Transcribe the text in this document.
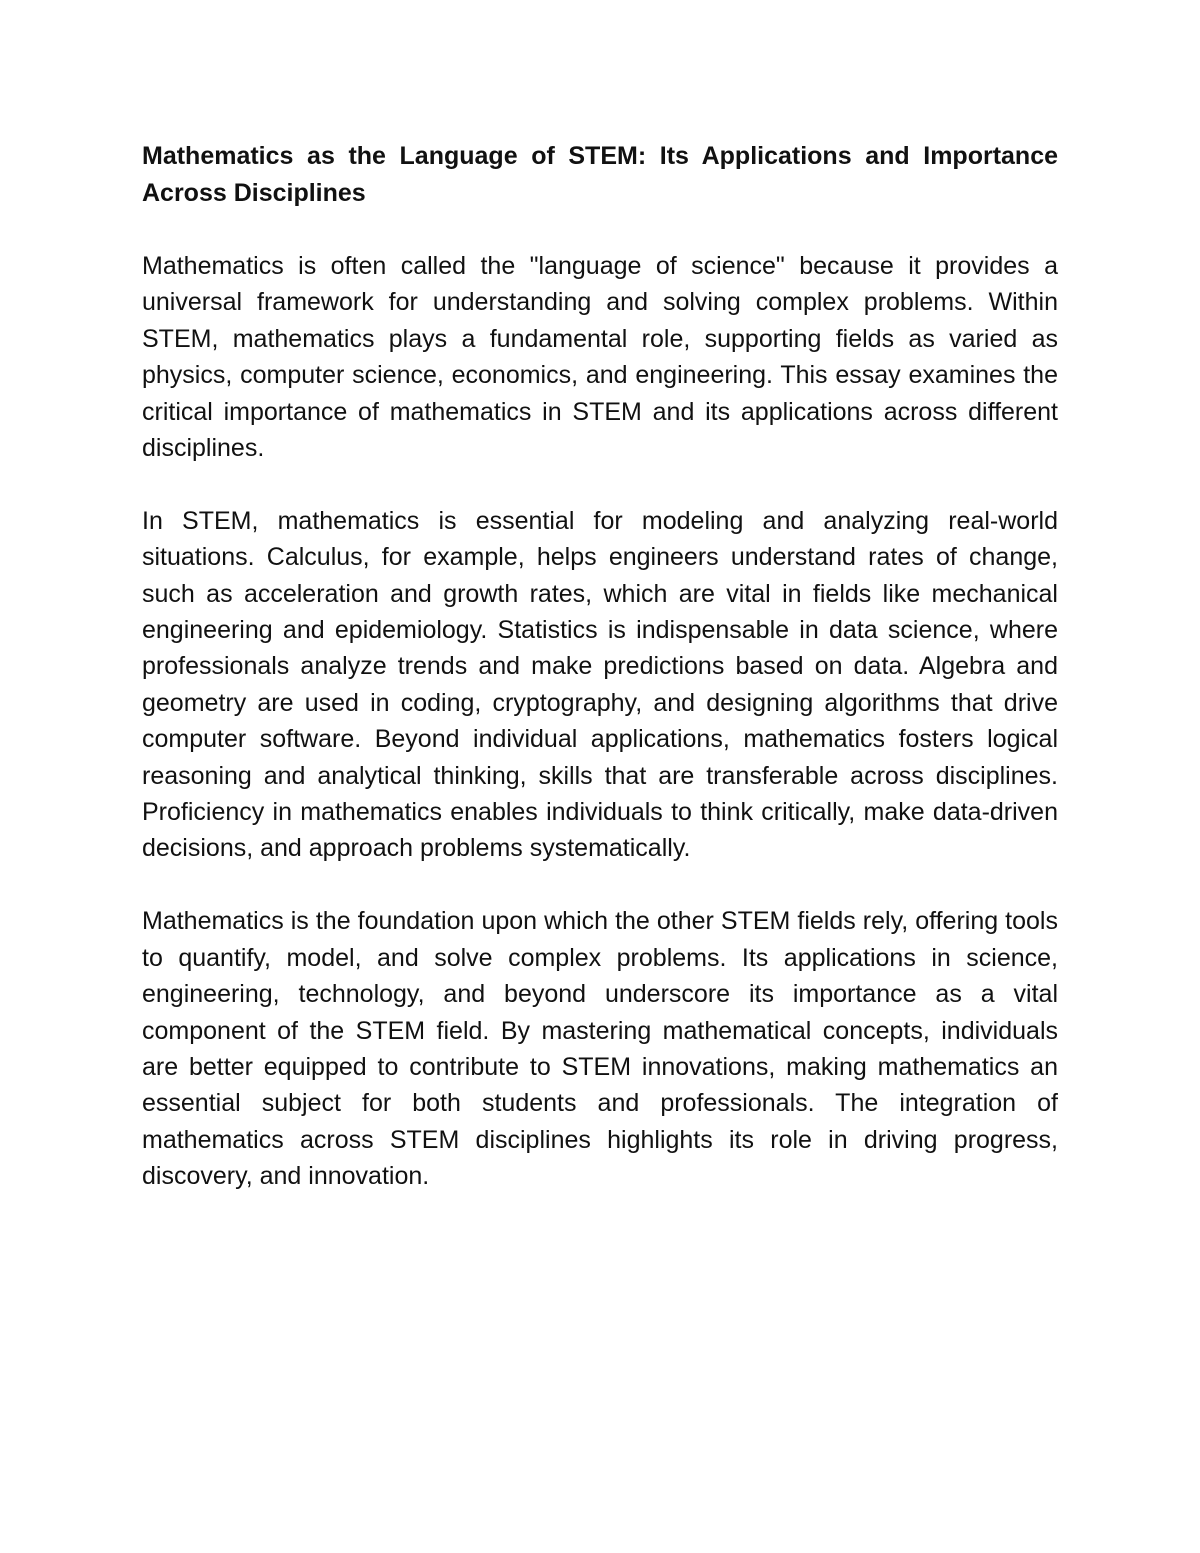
Mathematics as the Language of STEM: Its Applications and Importance Across Disciplines

Mathematics is often called the "language of science" because it provides a universal framework for understanding and solving complex problems. Within STEM, mathematics plays a fundamental role, supporting fields as varied as physics, computer science, economics, and engineering. This essay examines the critical importance of mathematics in STEM and its applications across different disciplines.

In STEM, mathematics is essential for modeling and analyzing real-world situations. Calculus, for example, helps engineers understand rates of change, such as acceleration and growth rates, which are vital in fields like mechanical engineering and epidemiology. Statistics is indispensable in data science, where professionals analyze trends and make predictions based on data. Algebra and geometry are used in coding, cryptography, and designing algorithms that drive computer software. Beyond individual applications, mathematics fosters logical reasoning and analytical thinking, skills that are transferable across disciplines. Proficiency in mathematics enables individuals to think critically, make data-driven decisions, and approach problems systematically.

Mathematics is the foundation upon which the other STEM fields rely, offering tools to quantify, model, and solve complex problems. Its applications in science, engineering, technology, and beyond underscore its importance as a vital component of the STEM field. By mastering mathematical concepts, individuals are better equipped to contribute to STEM innovations, making mathematics an essential subject for both students and professionals. The integration of mathematics across STEM disciplines highlights its role in driving progress, discovery, and innovation.
